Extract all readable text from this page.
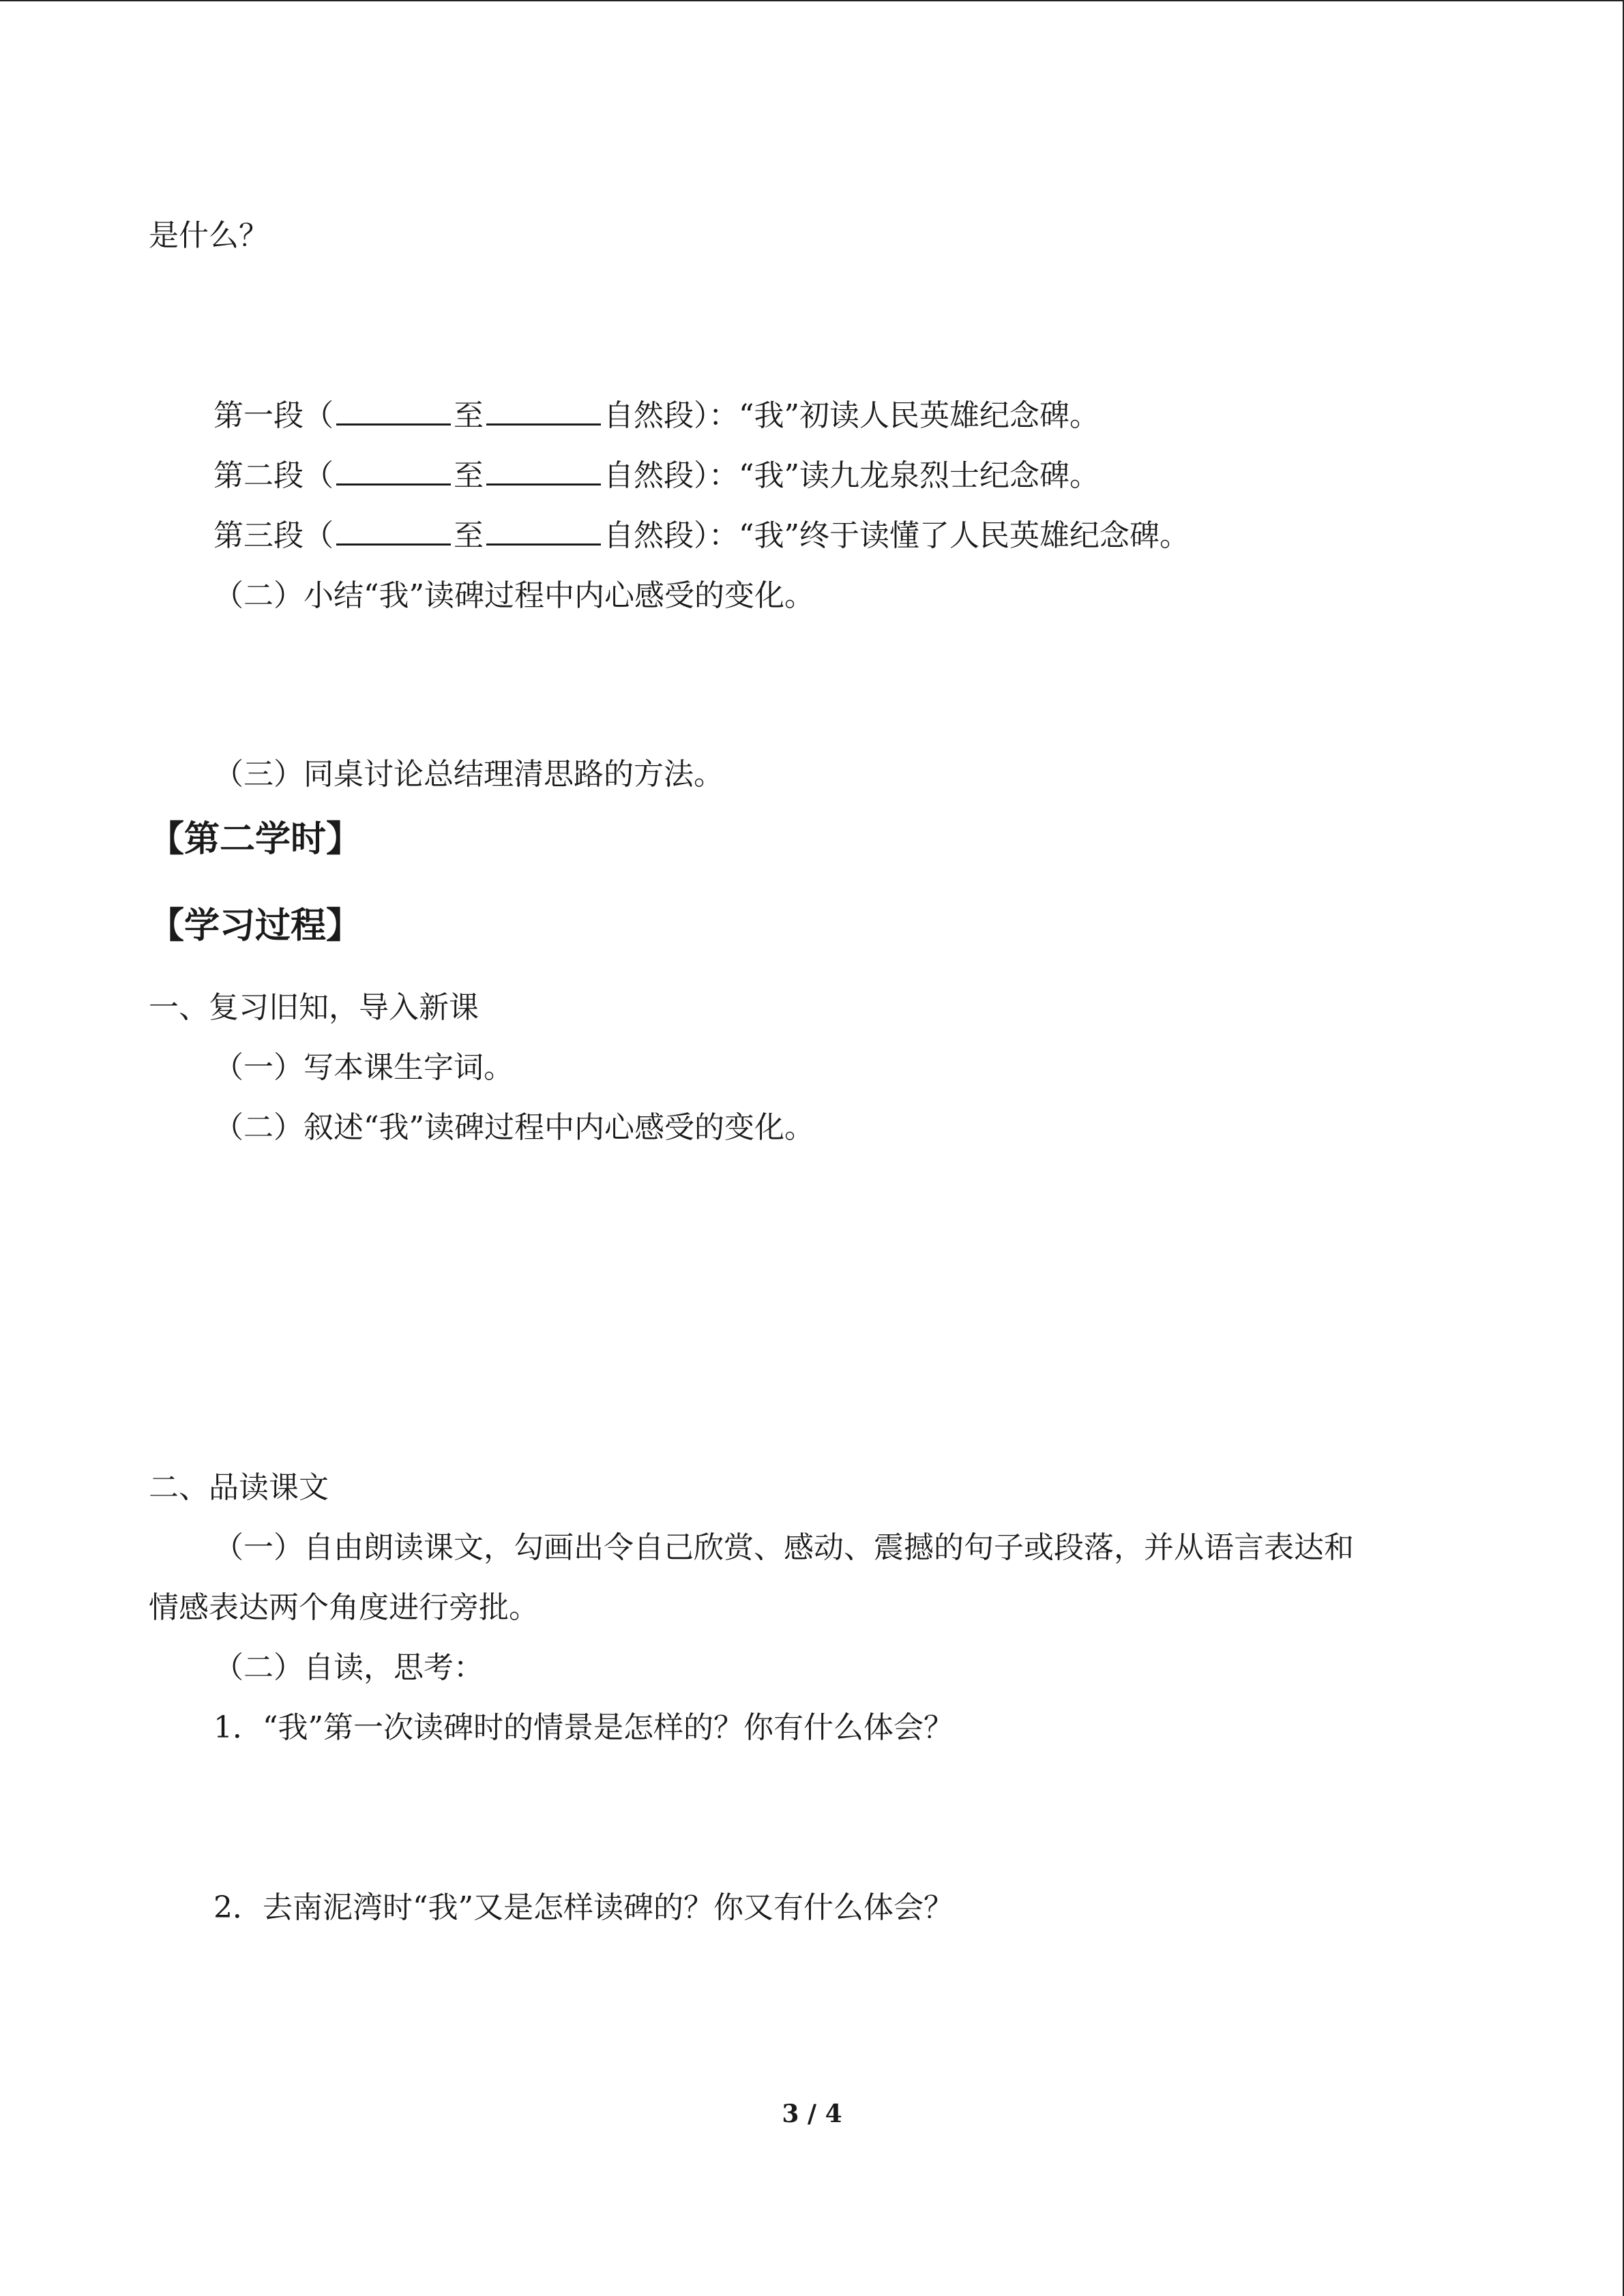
是什么？
第一段（	至	自然段）：“我”初读人民英雄纪念碑。
第二段（	至	自然段）：“我”读九龙泉烈士纪念碑。
第三段（	至	自然段）：“我”终于读懂了人民英雄纪念碑。
（二）小结“我”读碑过程中内心感受的变化。
（三）同桌讨论总结理清思路的方法。
【第二学时】
【学习过程】
一、复习旧知，导入新课
（一）写本课生字词。
（二）叙述“我”读碑过程中内心感受的变化。
二、品读课文
（一）自由朗读课文，勾画出令自己欣赏、感动、震撼的句子或段落，并从语言表达和
情感表达两个角度进行旁批。
（二）自读，思考：
1．“我”第一次读碑时的情景是怎样的？你有什么体会？
2．去南泥湾时“我”又是怎样读碑的？你又有什么体会？
3 / 4
